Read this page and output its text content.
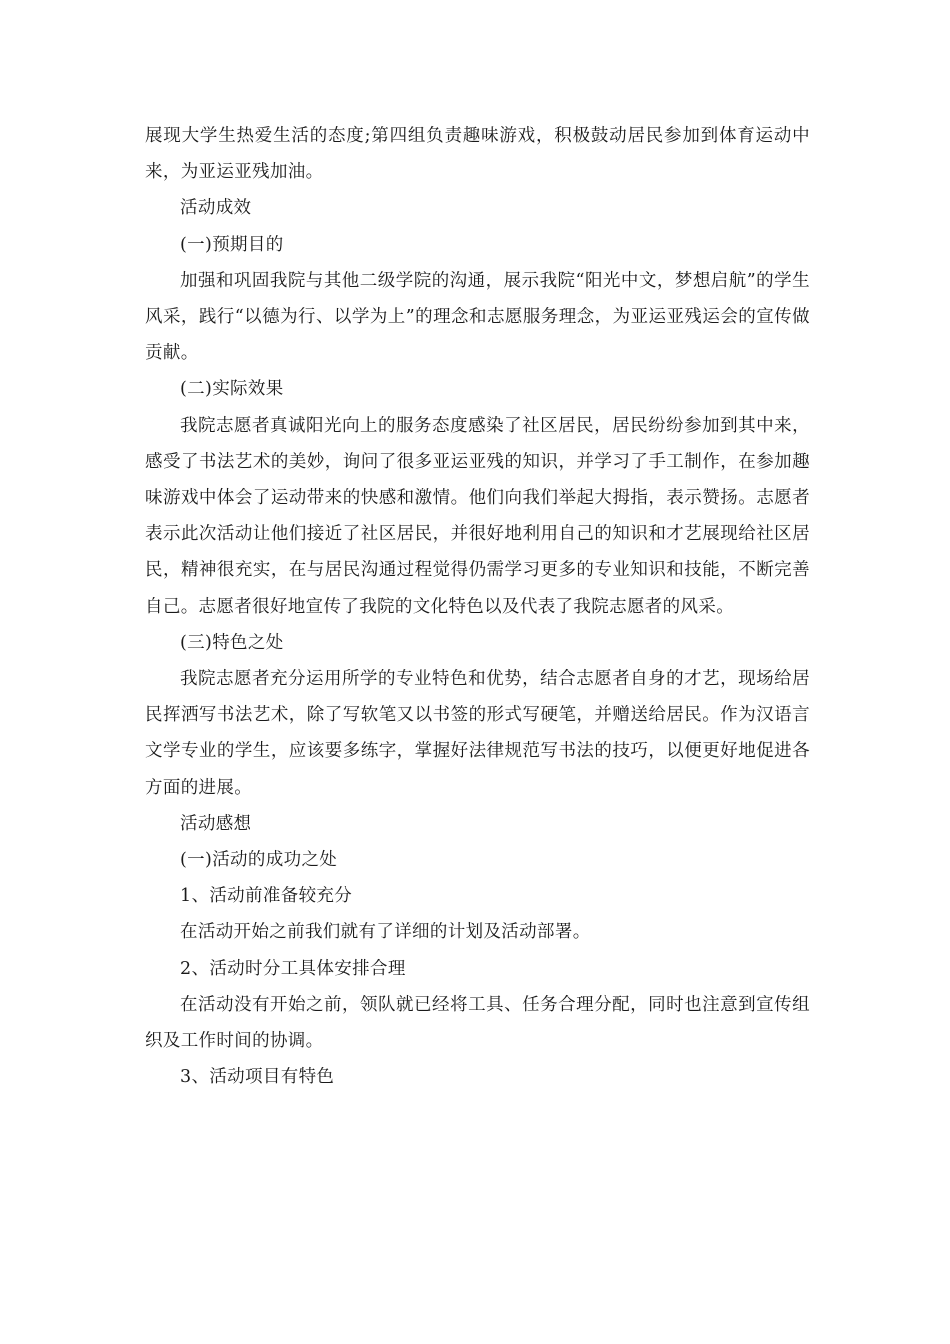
展现大学生热爱生活的态度;第四组负责趣味游戏，积极鼓动居民参加到体育运动中来，为亚运亚残加油。

活动成效

(一)预期目的

加强和巩固我院与其他二级学院的沟通，展示我院“阳光中文，梦想启航”的学生风采，践行“以德为行、以学为上”的理念和志愿服务理念，为亚运亚残运会的宣传做贡献。

(二)实际效果

我院志愿者真诚阳光向上的服务态度感染了社区居民，居民纷纷参加到其中来，感受了书法艺术的美妙，询问了很多亚运亚残的知识，并学习了手工制作，在参加趣味游戏中体会了运动带来的快感和激情。他们向我们举起大拇指，表示赞扬。志愿者表示此次活动让他们接近了社区居民，并很好地利用自己的知识和才艺展现给社区居民，精神很充实，在与居民沟通过程觉得仍需学习更多的专业知识和技能，不断完善自己。志愿者很好地宣传了我院的文化特色以及代表了我院志愿者的风采。

(三)特色之处

我院志愿者充分运用所学的专业特色和优势，结合志愿者自身的才艺，现场给居民挥洒写书法艺术，除了写软笔又以书签的形式写硬笔，并赠送给居民。作为汉语言文学专业的学生，应该要多练字，掌握好法律规范写书法的技巧，以便更好地促进各方面的进展。

活动感想

(一)活动的成功之处

1、活动前准备较充分

在活动开始之前我们就有了详细的计划及活动部署。

2、活动时分工具体安排合理

在活动没有开始之前，领队就已经将工具、任务合理分配，同时也注意到宣传组织及工作时间的协调。

3、活动项目有特色
